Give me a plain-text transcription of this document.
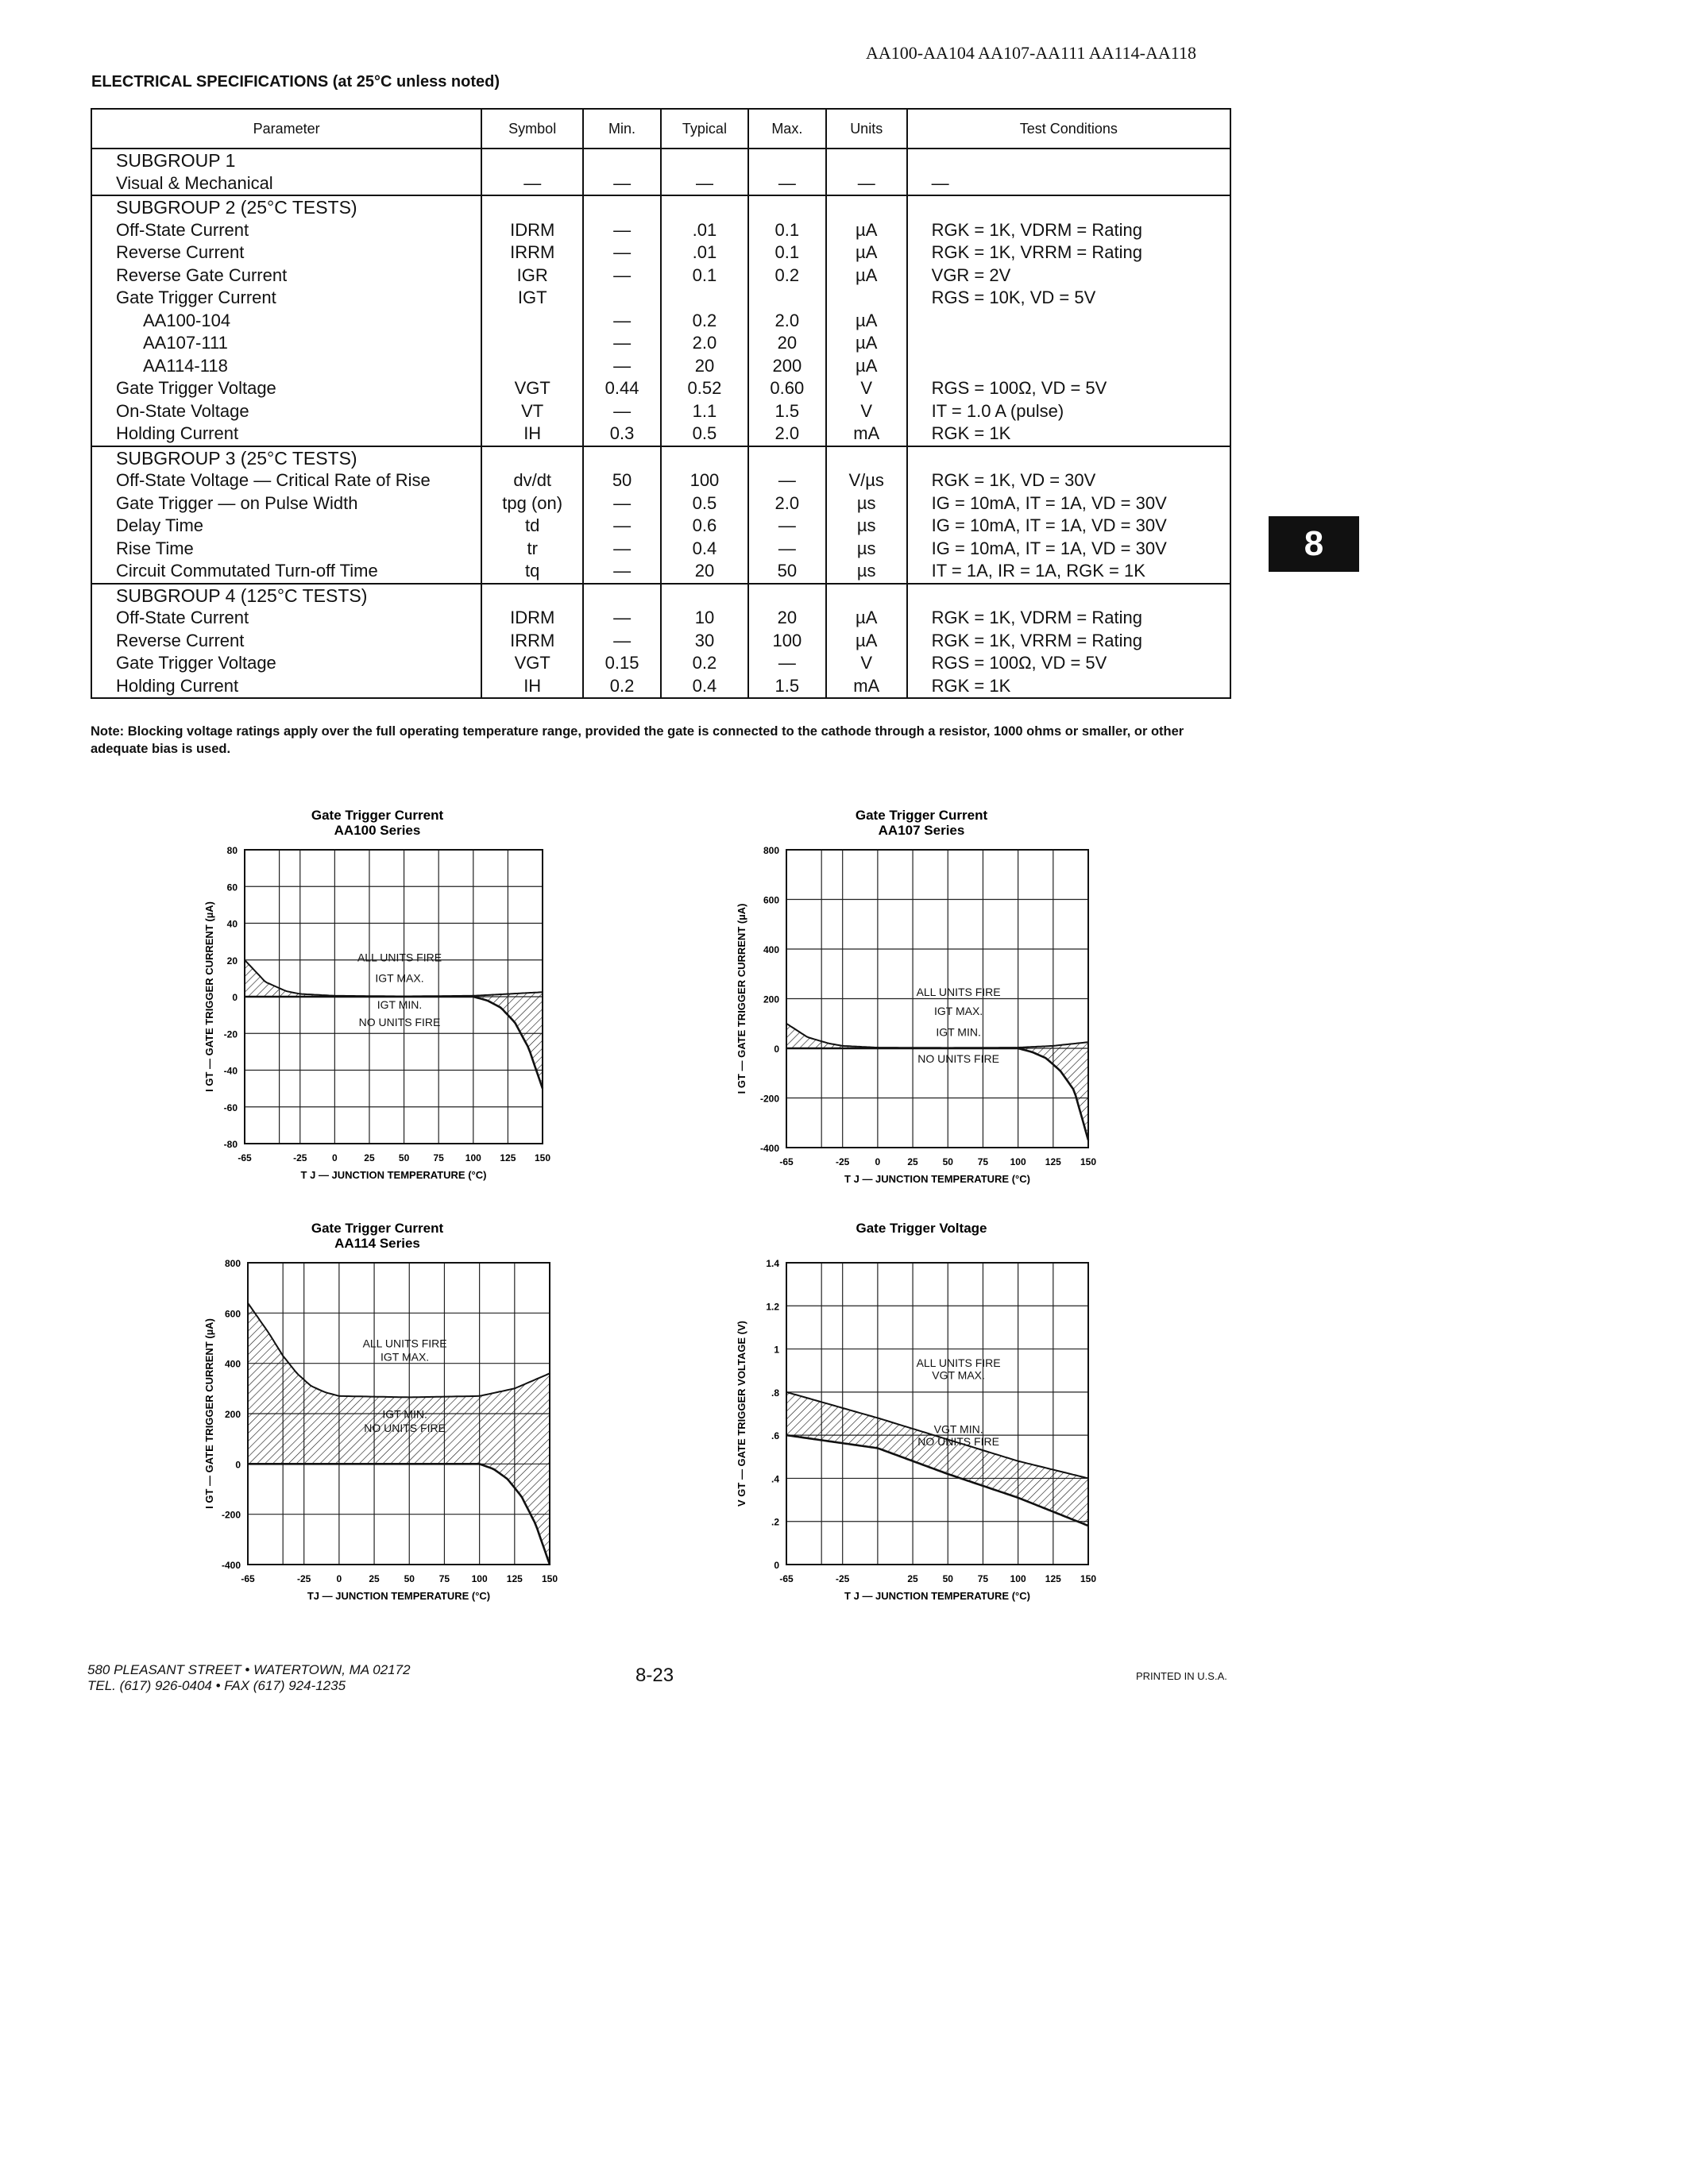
AA100-AA104 AA107-AA111 AA114-AA118
ELECTRICAL SPECIFICATIONS (at 25°C unless noted)
Parameter	Symbol	Min.	Typical	Max.	Units	Test Conditions
SUBGROUP 1						
Visual & Mechanical	—	—	—	—	—	—
SUBGROUP 2 (25°C TESTS)						
Off-State Current	IDRM	—	.01	0.1	µA	RGK = 1K, VDRM = Rating
Reverse Current	IRRM	—	.01	0.1	µA	RGK = 1K, VRRM = Rating
Reverse Gate Current	IGR	—	0.1	0.2	µA	VGR = 2V
Gate Trigger Current	IGT					RGS = 10K, VD = 5V
AA100-104		—	0.2	2.0	µA	
AA107-111		—	2.0	20	µA	
AA114-118		—	20	200	µA	
Gate Trigger Voltage	VGT	0.44	0.52	0.60	V	RGS = 100Ω, VD = 5V
On-State Voltage	VT	—	1.1	1.5	V	IT = 1.0 A (pulse)
Holding Current	IH	0.3	0.5	2.0	mA	RGK = 1K
SUBGROUP 3 (25°C TESTS)						
Off-State Voltage — Critical Rate of Rise	dv/dt	50	100	—	V/µs	RGK = 1K, VD = 30V
Gate Trigger — on Pulse Width	tpg (on)	—	0.5	2.0	µs	IG = 10mA, IT = 1A, VD = 30V
Delay Time	td	—	0.6	—	µs	IG = 10mA, IT = 1A, VD = 30V
Rise Time	tr	—	0.4	—	µs	IG = 10mA, IT = 1A, VD = 30V
Circuit Commutated Turn-off Time	tq	—	20	50	µs	IT = 1A, IR = 1A, RGK = 1K
SUBGROUP 4 (125°C TESTS)						
Off-State Current	IDRM	—	10	20	µA	RGK = 1K, VDRM = Rating
Reverse Current	IRRM	—	30	100	µA	RGK = 1K, VRRM = Rating
Gate Trigger Voltage	VGT	0.15	0.2	—	V	RGS = 100Ω, VD = 5V
Holding Current	IH	0.2	0.4	1.5	mA	RGK = 1K
Note: Blocking voltage ratings apply over the full operating temperature range, provided the gate is connected to the cathode through a resistor, 1000 ohms or smaller, or other adequate bias is used.
8
Gate Trigger Current
AA100 Series
ALL UNITS FIRE
IGT MAX.
IGT MIN.
NO UNITS FIRE
80
60
40
20
0
-20
-40
-60
-80
-65	-25	0	25	50	75 100 125 150
T J — JUNCTION TEMPERATURE (°C)
I GT — GATE TRIGGER CURRENT (µA)
Gate Trigger Current
AA107 Series
ALL UNITS FIRE
IGT MAX.
IGT MIN.
NO UNITS FIRE
800
600
400
200
0
-200
-400
-65	-25	0	25	50	75 100 125 150
T J — JUNCTION TEMPERATURE (°C)
I GT — GATE TRIGGER CURRENT (µA)
Gate Trigger Current
AA114 Series
ALL UNITS FIRE
IGT MAX.
IGT MIN.
NO UNITS FIRE
800
600
400
200
0
-200
-400
-65	-25	0	25	50	75 100 125 150
TJ — JUNCTION TEMPERATURE (°C)
I GT — GATE TRIGGER CURRENT (µA)
Gate Trigger Voltage
ALL UNITS FIRE
VGT MAX.
VGT MIN.
NO UNITS FIRE
1.4
1.2
1
.8
.6
.4
.2
0
-65	-25	25	50	75 100 125 150
T J — JUNCTION TEMPERATURE (°C)
V GT — GATE TRIGGER VOLTAGE (V)
580 PLEASANT STREET • WATERTOWN, MA 02172
TEL. (617) 926-0404 • FAX (617) 924-1235	8-23	PRINTED IN U.S.A.
